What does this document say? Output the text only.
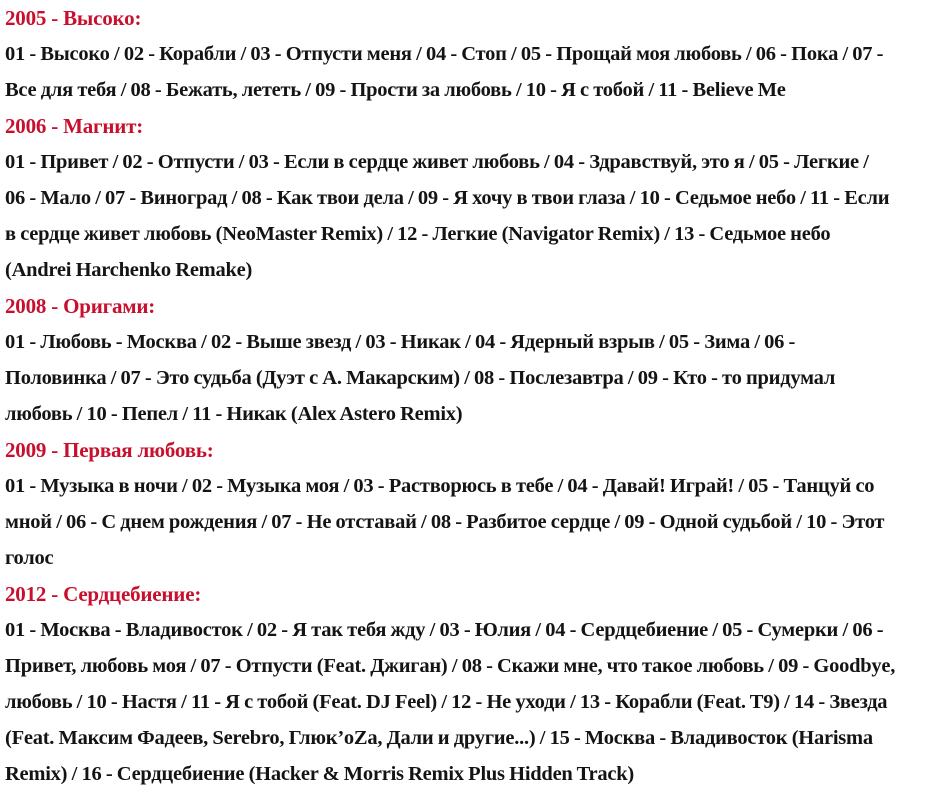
2005 - Высоко:
01 - Высоко / 02 - Корабли / 03 - Отпусти меня / 04 - Стоп / 05 - Прощай моя любовь / 06 - Пока / 07 -
Все для тебя / 08 - Бежать, лететь / 09 - Прости за любовь / 10 - Я с тобой / 11 - Believe Me
2006 - Магнит:
01 - Привет / 02 - Отпусти / 03 - Если в сердце живет любовь / 04 - Здравствуй, это я / 05 - Легкие /
06 - Мало / 07 - Виноград / 08 - Как твои дела / 09 - Я хочу в твои глаза / 10 - Седьмое небо / 11 - Если
в сердце живет любовь (NeoMaster Remix) / 12 - Легкие (Navigator Remix) / 13 - Седьмое небо
(Andrei Harchenko Remake)
2008 - Оригами:
01 - Любовь - Москва / 02 - Выше звезд / 03 - Никак / 04 - Ядерный взрыв / 05 - Зима / 06 -
Половинка / 07 - Это судьба (Дуэт с А. Макарским) / 08 - Послезавтра / 09 - Кто - то придумал
любовь / 10 - Пепел / 11 - Никак (Alex Astero Remix)
2009 - Первая любовь:
01 - Музыка в ночи / 02 - Музыка моя / 03 - Растворюсь в тебе / 04 - Давай! Играй! / 05 - Танцуй со
мной / 06 - С днем рождения / 07 - Не отставай / 08 - Разбитое сердце / 09 - Одной судьбой / 10 - Этот
голос
2012 - Сердцебиение:
01 - Москва - Владивосток / 02 - Я так тебя жду / 03 - Юлия / 04 - Сердцебиение / 05 - Сумерки / 06 -
Привет, любовь моя / 07 - Отпусти (Feat. Джиган) / 08 - Скажи мне, что такое любовь / 09 - Goodbye,
любовь / 10 - Настя / 11 - Я с тобой (Feat. DJ Feel) / 12 - Не уходи / 13 - Корабли (Feat. T9) / 14 - Звезда
(Feat. Максим Фадеев, Serebro, Глюк’oZa, Дали и другие...) / 15 - Москва - Владивосток (Harisma
Remix) / 16 - Сердцебиение (Hacker & Morris Remix Plus Hidden Track)
